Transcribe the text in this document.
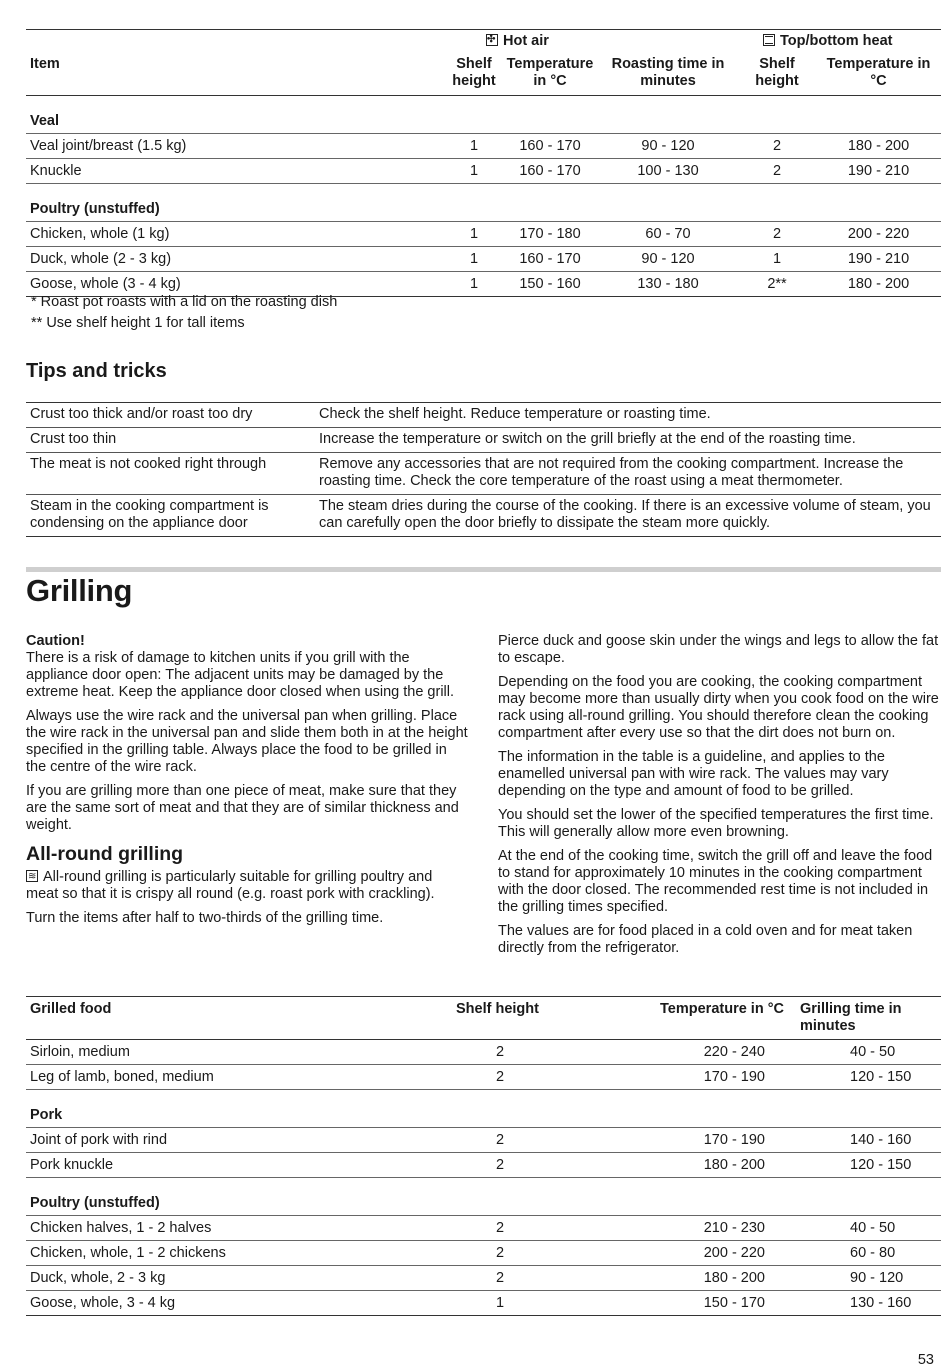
	✣Hot air			Top/bottom heat	
Item	Shelf height	Temperature in °C	Roasting time in minutes	Shelf height	Temperature in °C
Veal					
Veal joint/breast (1.5 kg)	1	160 - 170	90 - 120	2	180 - 200
Knuckle	1	160 - 170	100 - 130	2	190 - 210
Poultry (unstuffed)					
Chicken, whole (1 kg)	1	170 - 180	60 - 70	2	200 - 220
Duck, whole (2 - 3 kg)	1	160 - 170	90 - 120	1	190 - 210
Goose, whole (3 - 4 kg)	1	150 - 160	130 - 180	2**	180 - 200
* Roast pot roasts with a lid on the roasting dish
** Use shelf height 1 for tall items
Tips and tricks
Crust too thick and/or roast too dry	Check the shelf height. Reduce temperature or roasting time.
Crust too thin	Increase the temperature or switch on the grill briefly at the end of the roasting time.
The meat is not cooked right through	Remove any accessories that are not required from the cooking compartment. Increase the roasting time. Check the core temperature of the roast using a meat thermometer.
Steam in the cooking compartment is condensing on the appliance door	The steam dries during the course of the cooking. If there is an excessive volume of steam, you can carefully open the door briefly to dissipate the steam more quickly.
Grilling

Caution!

There is a risk of damage to kitchen units if you grill with the appliance door open: The adjacent units may be damaged by the extreme heat. Keep the appliance door closed when using the grill.

Always use the wire rack and the universal pan when grilling. Place the wire rack in the universal pan and slide them both in at the height specified in the grilling table. Always place the food to be grilled in the centre of the wire rack.

If you are grilling more than one piece of meat, make sure that they are the same sort of meat and that they are of similar thickness and weight.

All-round grilling

≋All-round grilling is particularly suitable for grilling poultry and meat so that it is crispy all round (e.g. roast pork with crackling).

Turn the items after half to two-thirds of the grilling time.

Pierce duck and goose skin under the wings and legs to allow the fat to escape.

Depending on the food you are cooking, the cooking compartment may become more than usually dirty when you cook food on the wire rack using all-round grilling. You should therefore clean the cooking compartment after every use so that the dirt does not burn on.

The information in the table is a guideline, and applies to the enamelled universal pan with wire rack. The values may vary depending on the type and amount of food to be grilled.

You should set the lower of the specified temperatures the first time. This will generally allow more even browning.

At the end of the cooking time, switch the grill off and leave the food to stand for approximately 10 minutes in the cooking compartment with the door closed. The recommended rest time is not included in the grilling times specified.

The values are for food placed in a cold oven and for meat taken directly from the refrigerator.

Grilled food	Shelf height	Temperature in °C	Grilling time in minutes
Sirloin, medium	2	220 - 240	40 - 50
Leg of lamb, boned, medium	2	170 - 190	120 - 150
Pork			
Joint of pork with rind	2	170 - 190	140 - 160
Pork knuckle	2	180 - 200	120 - 150
Poultry (unstuffed)			
Chicken halves, 1 - 2 halves	2	210 - 230	40 - 50
Chicken, whole, 1 - 2 chickens	2	200 - 220	60 - 80
Duck, whole, 2 - 3 kg	2	180 - 200	90 - 120
Goose, whole, 3 - 4 kg	1	150 - 170	130 - 160
53
